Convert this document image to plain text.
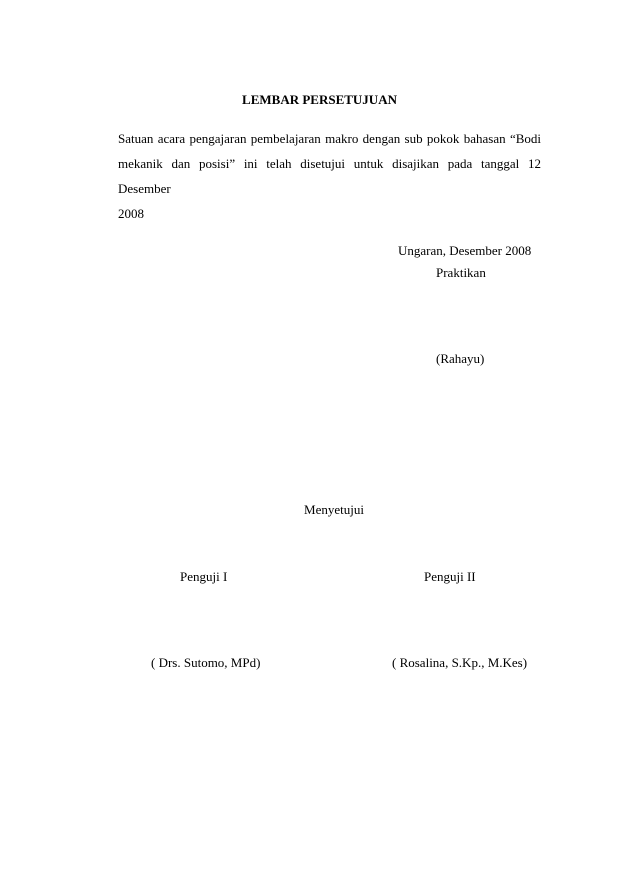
LEMBAR PERSETUJUAN
Satuan acara pengajaran pembelajaran makro dengan sub pokok bahasan “Bodi
mekanik dan posisi” ini telah disetujui untuk disajikan pada tanggal 12 Desember
2008
Ungaran, Desember 2008
Praktikan
(Rahayu)
Menyetujui
Penguji I	Penguji II
( Drs. Sutomo, MPd)	( Rosalina, S.Kp., M.Kes)
